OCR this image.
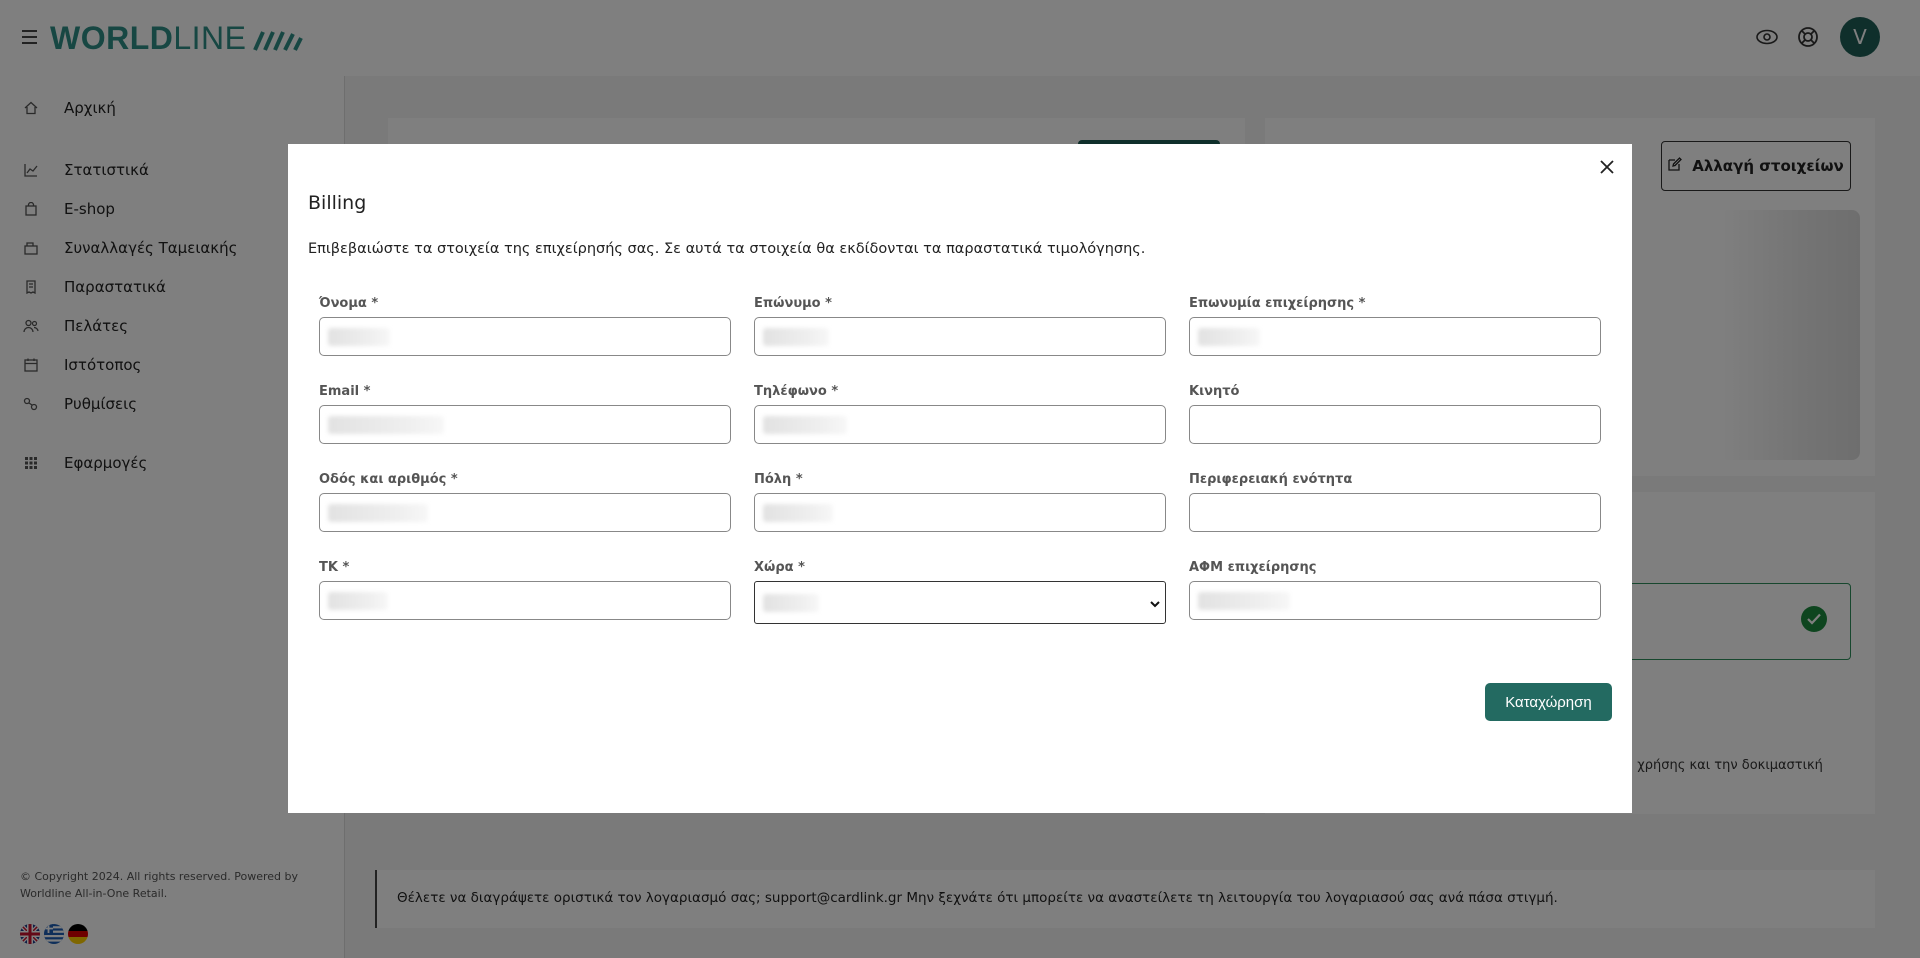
Billing
Επιβεβαιώστε τα στοιχεία της επιχείρησής σας. Σε αυτά τα στοιχεία θα εκδίδονται τα παραστατικά τιμολόγησης.
Όνομα *	Επώνυμο *	Επωνυμία επιχείρησης *
Email *	Τηλέφωνο *	Κινητό
Οδός και αριθμός *	Πόλη *	Περιφερειακή ενότητα
ΤΚ *	Χώρα *	ΑΦΜ επιχείρησης
Καταχώρηση
